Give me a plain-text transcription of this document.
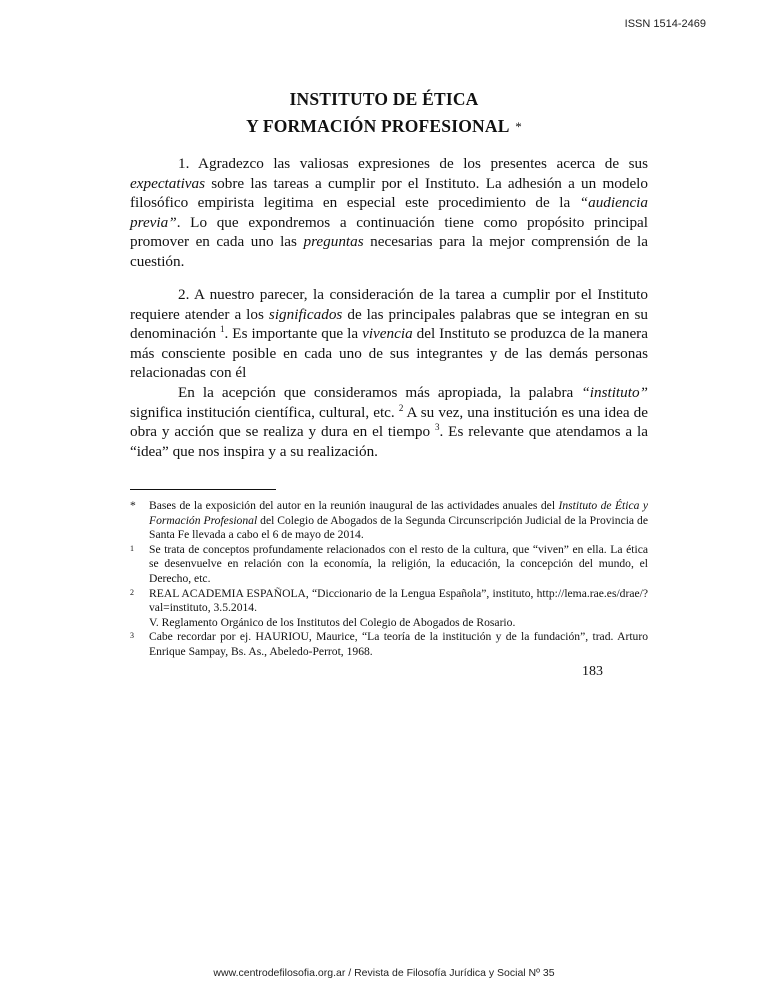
ISSN 1514-2469
INSTITUTO DE ÉTICA
Y FORMACIÓN PROFESIONAL *

1. Agradezco las valiosas expresiones de los presentes acerca de sus expectativas sobre las tareas a cumplir por el Instituto. La adhesión a un modelo filosófico empirista legitima en especial este procedimiento de la “audiencia previa”. Lo que expondremos a continuación tiene como propósito principal promover en cada uno las preguntas necesarias para la mejor comprensión de la cuestión.

2. A nuestro parecer, la consideración de la tarea a cumplir por el Instituto requiere atender a los significados de las principales palabras que se integran en su denominación $^1$. Es importante que la vivencia del Instituto se produzca de la manera más consciente posible en cada uno de sus integrantes y de las demás personas relacionadas con él

En la acepción que consideramos más apropiada, la palabra “instituto” significa institución científica, cultural, etc. $^2$ A su vez, una institución es una idea de obra y acción que se realiza y dura en el tiempo $^3$. Es relevante que atendamos a la “idea” que nos inspira y a su realización.

*	Bases de la exposición del autor en la reunión inaugural de las actividades anuales del Instituto de Ética y Formación Profesional del Colegio de Abogados de la Segunda Circunscripción Judicial de la Provincia de Santa Fe llevada a cabo el 6 de mayo de 2014.
1	Se trata de conceptos profundamente relacionados con el resto de la cultura, que “viven” en ella. La ética se desenvuelve en relación con la economía, la religión, la educación, la concepción del mundo, el Derecho, etc.
2	REAL ACADEMIA ESPAÑOLA, “Diccionario de la Lengua Española”, instituto, http://lema.rae.es/drae/?val=instituto, 3.5.2014.
V. Reglamento Orgánico de los Institutos del Colegio de Abogados de Rosario.
3	Cabe recordar por ej. HAURIOU, Maurice, “La teoría de la institución y de la fundación”, trad. Arturo Enrique Sampay, Bs. As., Abeledo-Perrot, 1968.
183
www.centrodefilosofia.org.ar / Revista de Filosofía Jurídica y Social Nº 35
